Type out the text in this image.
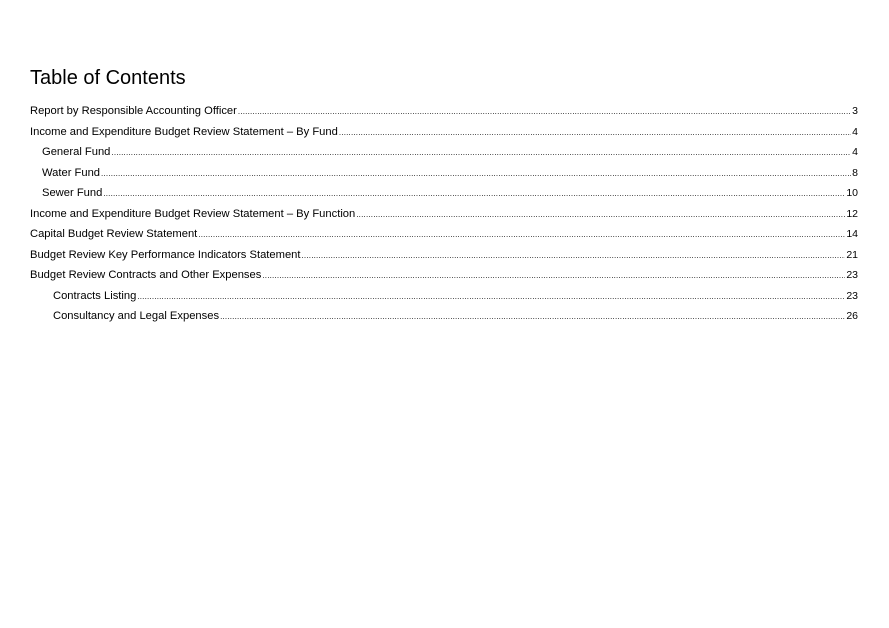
Table of Contents
Report by Responsible Accounting Officer
.....	3
Income and Expenditure Budget Review Statement – By Fund
.....	4
General Fund
.....	4
Water Fund
.....	8
Sewer Fund
.....	10
Income and Expenditure Budget Review Statement – By Function
.....	12
Capital Budget Review Statement
.....	14
Budget Review Key Performance Indicators Statement
.....	21
Budget Review Contracts and Other Expenses
.....	23
Contracts Listing
.....	23
Consultancy and Legal Expenses
.....	26
